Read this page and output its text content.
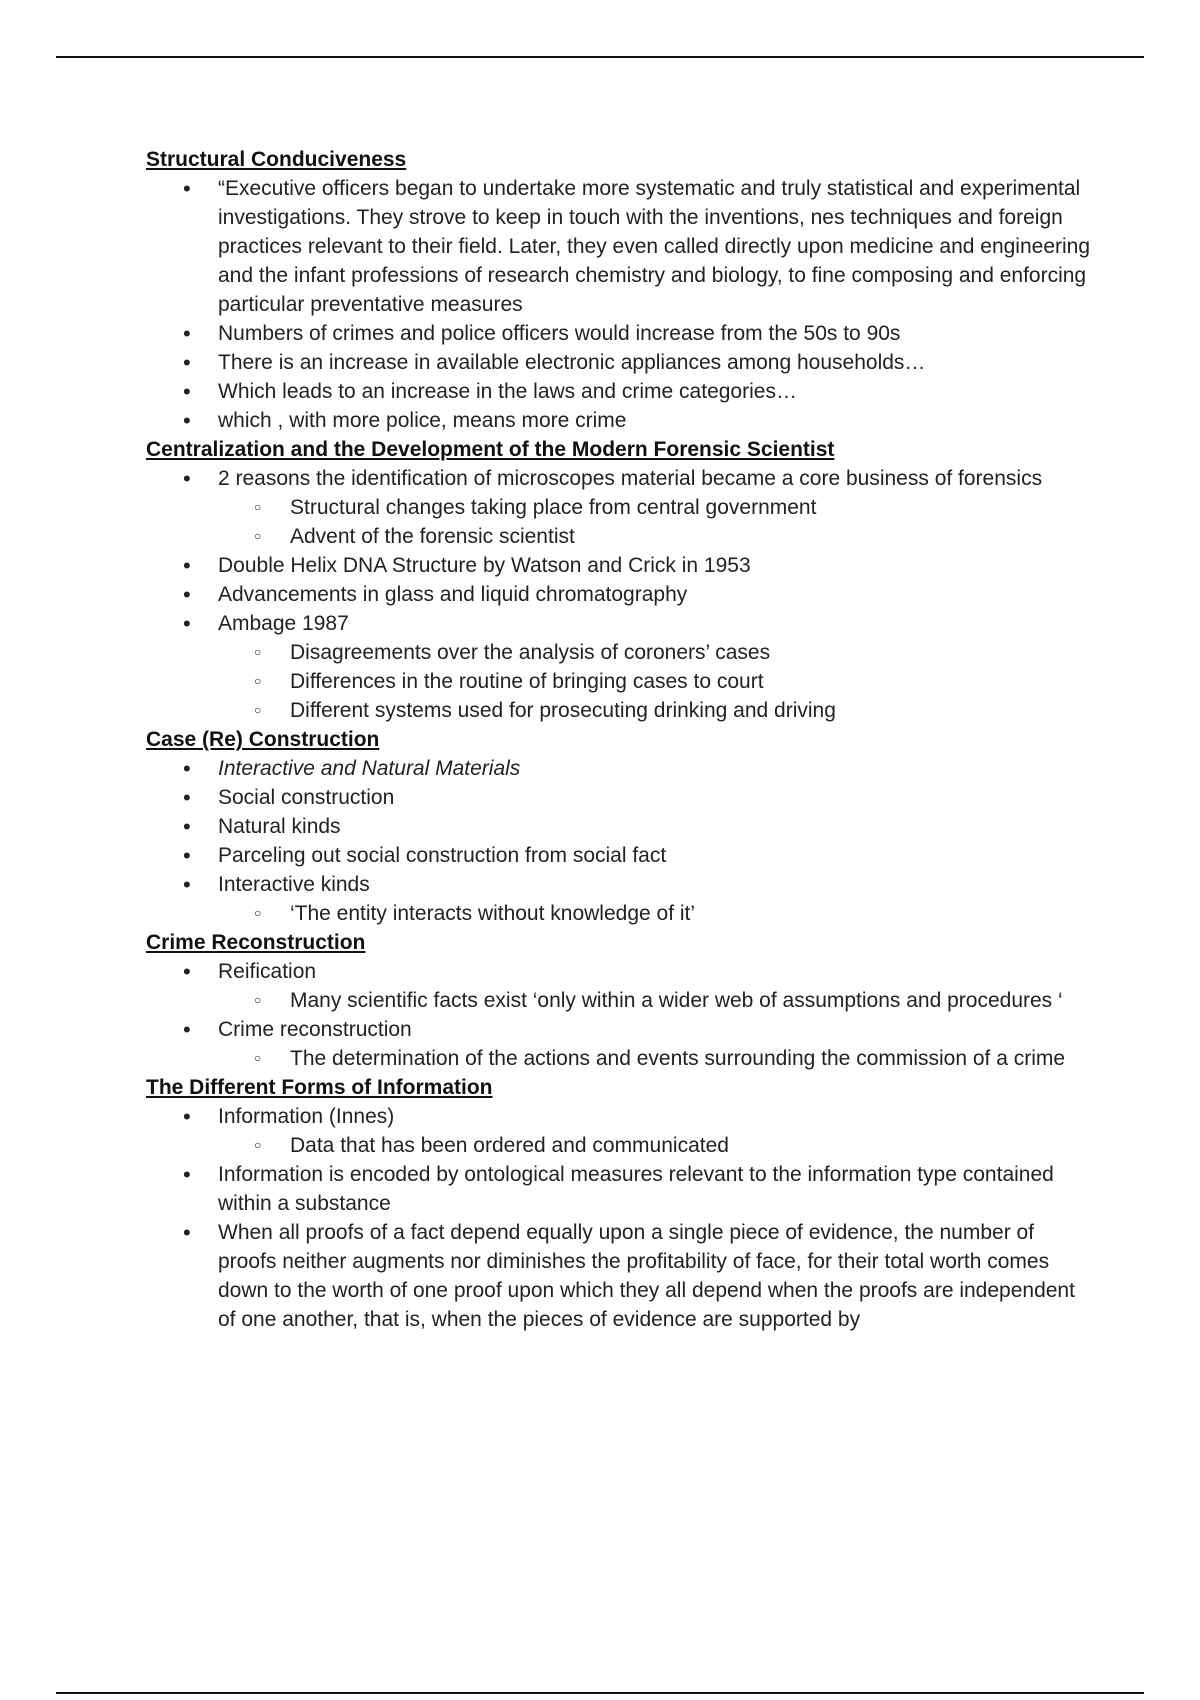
Structural Conduciveness
• “Executive officers began to undertake more systematic and truly statistical and experimental investigations. They strove to keep in touch with the inventions, nes techniques and foreign practices relevant to their field. Later, they even called directly upon medicine and engineering and the infant professions of research chemistry and biology, to fine composing and enforcing particular preventative measures
• Numbers of crimes and police officers would increase from the 50s to 90s
• There is an increase in available electronic appliances among households…
• Which leads to an increase in the laws and crime categories…
• which , with more police, means more crime
Centralization and the Development of the Modern Forensic Scientist
• 2 reasons the identification of microscopes material became a core business of forensics
○ Structural changes taking place from central government
○ Advent of the forensic scientist
• Double Helix DNA Structure by Watson and Crick in 1953
• Advancements in glass and liquid chromatography
• Ambage 1987
○ Disagreements over the analysis of coroners’ cases
○ Differences in the routine of bringing cases to court
○ Different systems used for prosecuting drinking and driving
Case (Re) Construction
• Interactive and Natural Materials
• Social construction
• Natural kinds
• Parceling out social construction from social fact
• Interactive kinds
○ ‘The entity interacts without knowledge of it’
Crime Reconstruction
• Reification
○ Many scientific facts exist ‘only within a wider web of assumptions and procedures ‘
• Crime reconstruction
○ The determination of the actions and events surrounding the commission of a crime
The Different Forms of Information
• Information (Innes)
○ Data that has been ordered and communicated
• Information is encoded by ontological measures relevant to the information type contained within a substance
• When all proofs of a fact depend equally upon a single piece of evidence, the number of proofs neither augments nor diminishes the profitability of face, for their total worth comes down to the worth of one proof upon which they all depend when the proofs are independent of one another, that is, when the pieces of evidence are supported by
